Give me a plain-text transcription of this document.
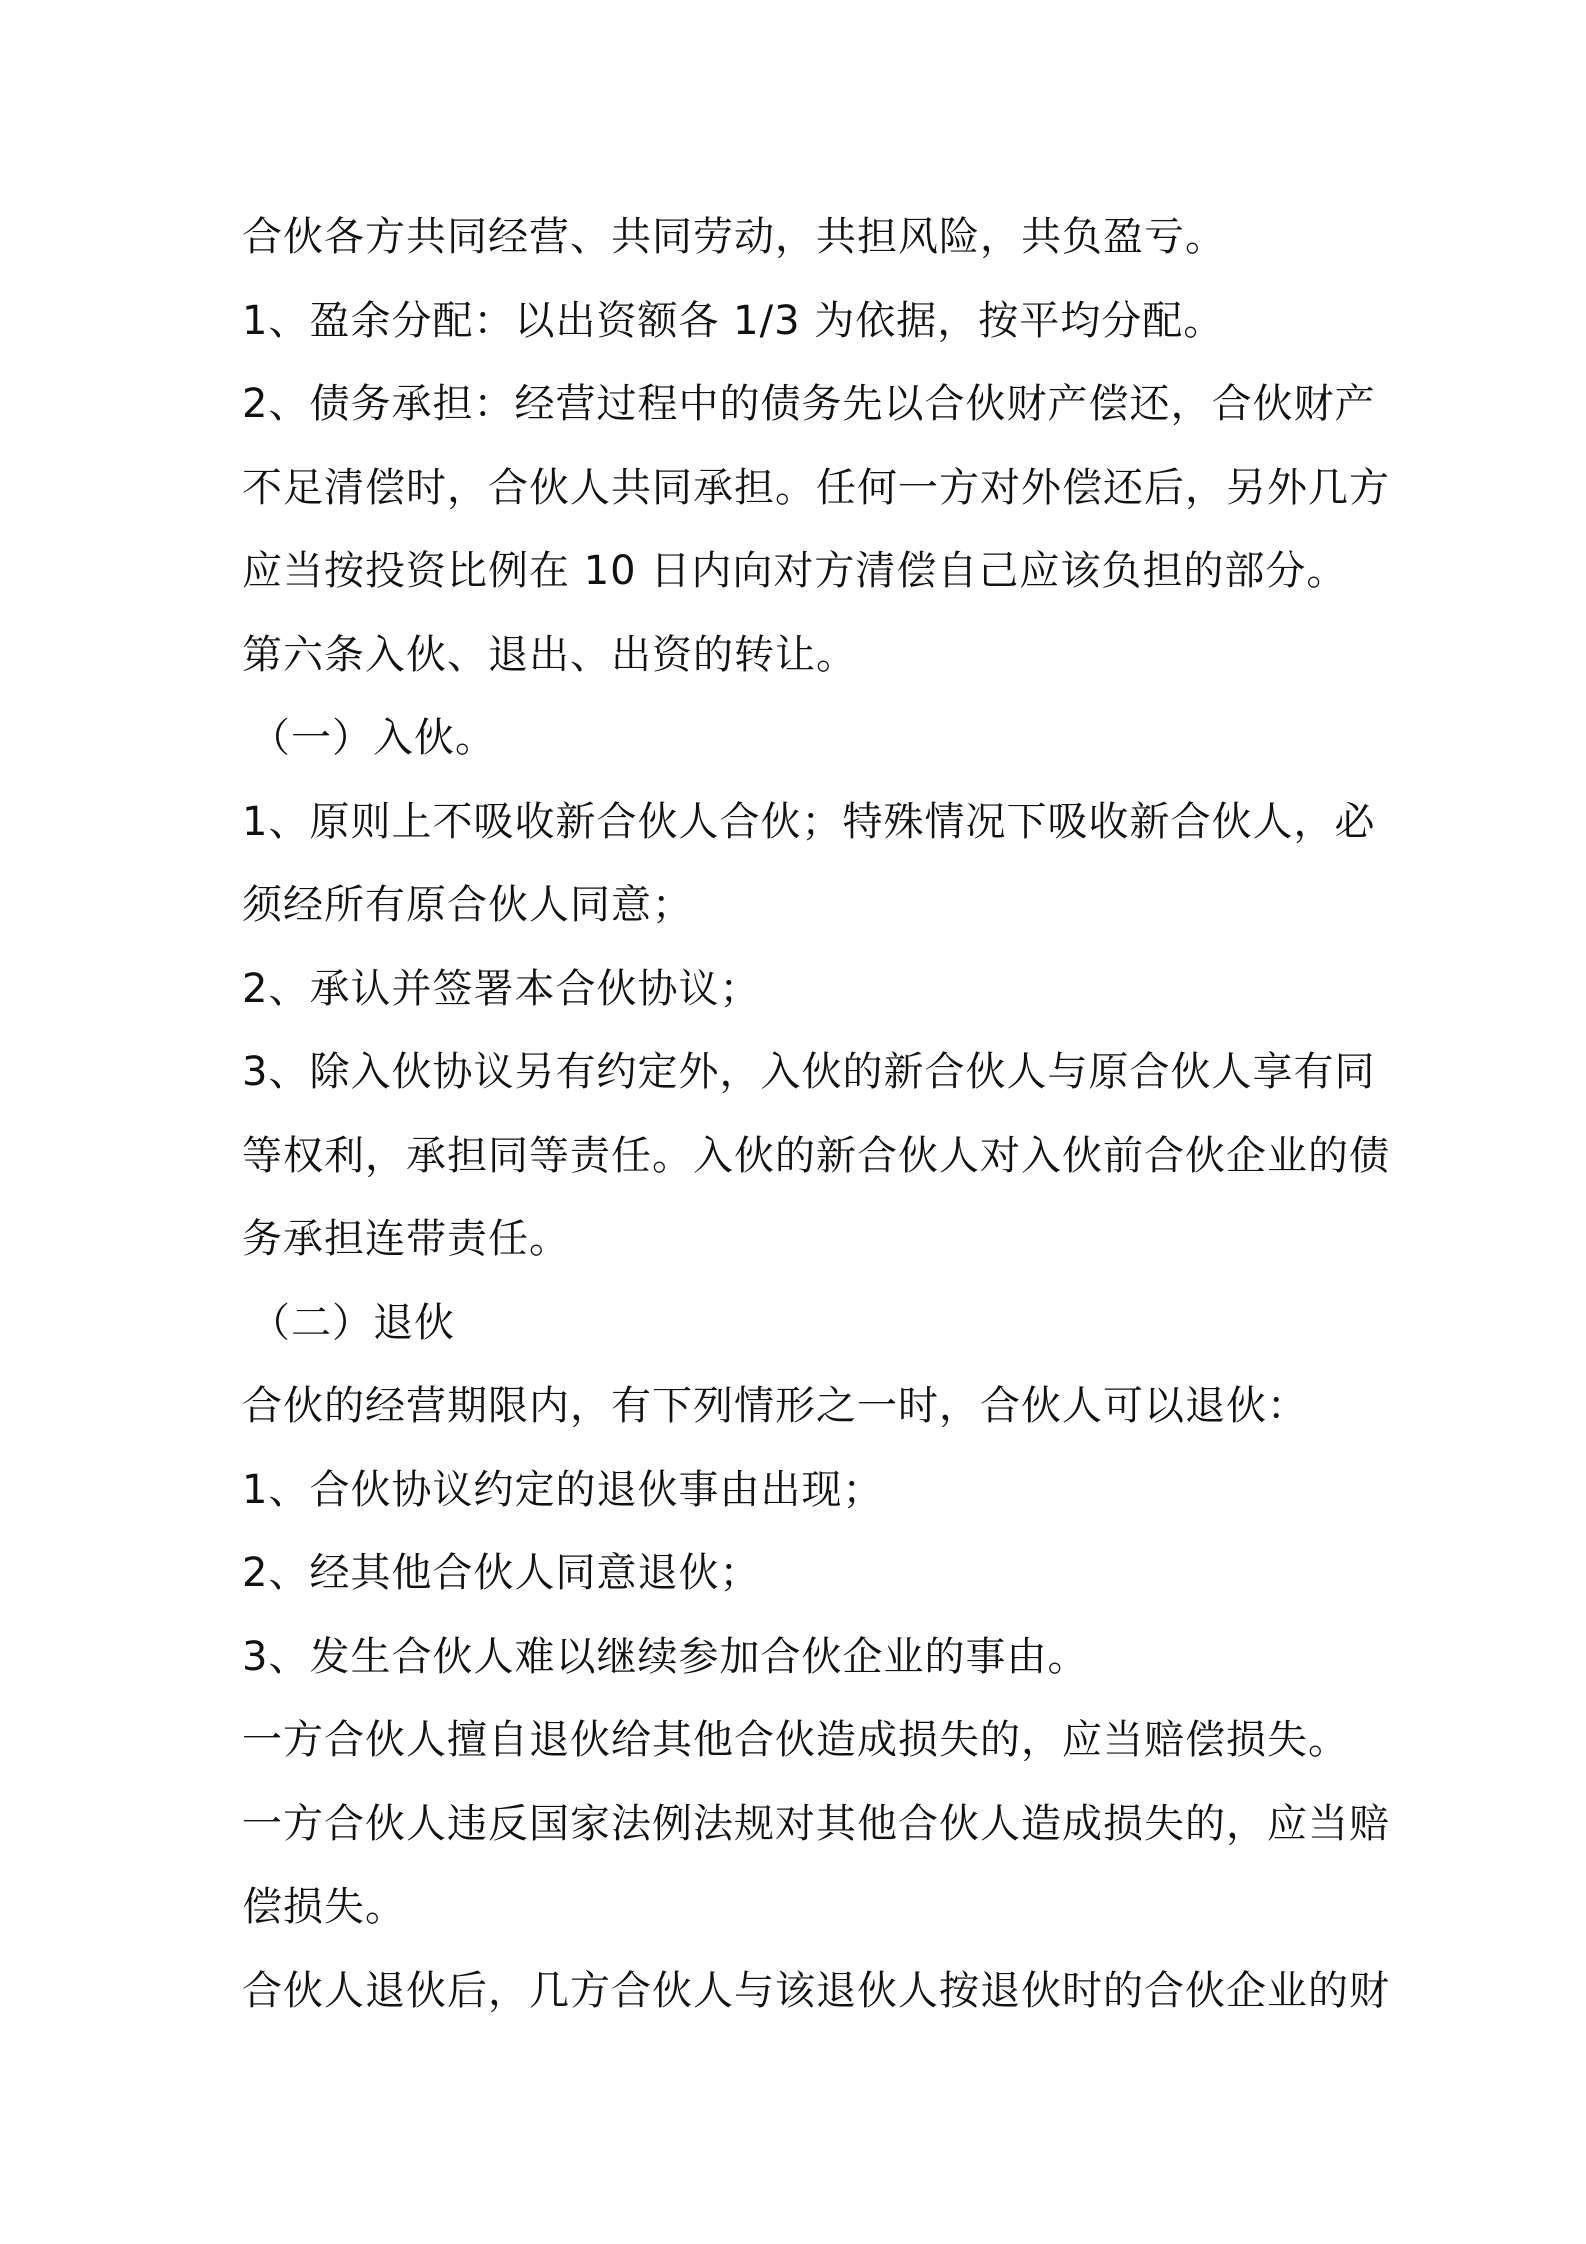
合伙各方共同经营、共同劳动，共担风险，共负盈亏。
1、盈余分配：以出资额各 1/3 为依据，按平均分配。
2、债务承担：经营过程中的债务先以合伙财产偿还，合伙财产
不足清偿时，合伙人共同承担。任何一方对外偿还后，另外几方
应当按投资比例在 10 日内向对方清偿自己应该负担的部分。
第六条入伙、退出、出资的转让。
（一）入伙。
1、原则上不吸收新合伙人合伙；特殊情况下吸收新合伙人，必
须经所有原合伙人同意；
2、承认并签署本合伙协议；
3、除入伙协议另有约定外，入伙的新合伙人与原合伙人享有同
等权利，承担同等责任。入伙的新合伙人对入伙前合伙企业的债
务承担连带责任。
（二）退伙
合伙的经营期限内，有下列情形之一时，合伙人可以退伙：
1、合伙协议约定的退伙事由出现；
2、经其他合伙人同意退伙；
3、发生合伙人难以继续参加合伙企业的事由。
一方合伙人擅自退伙给其他合伙造成损失的，应当赔偿损失。
一方合伙人违反国家法例法规对其他合伙人造成损失的，应当赔
偿损失。
合伙人退伙后，几方合伙人与该退伙人按退伙时的合伙企业的财
